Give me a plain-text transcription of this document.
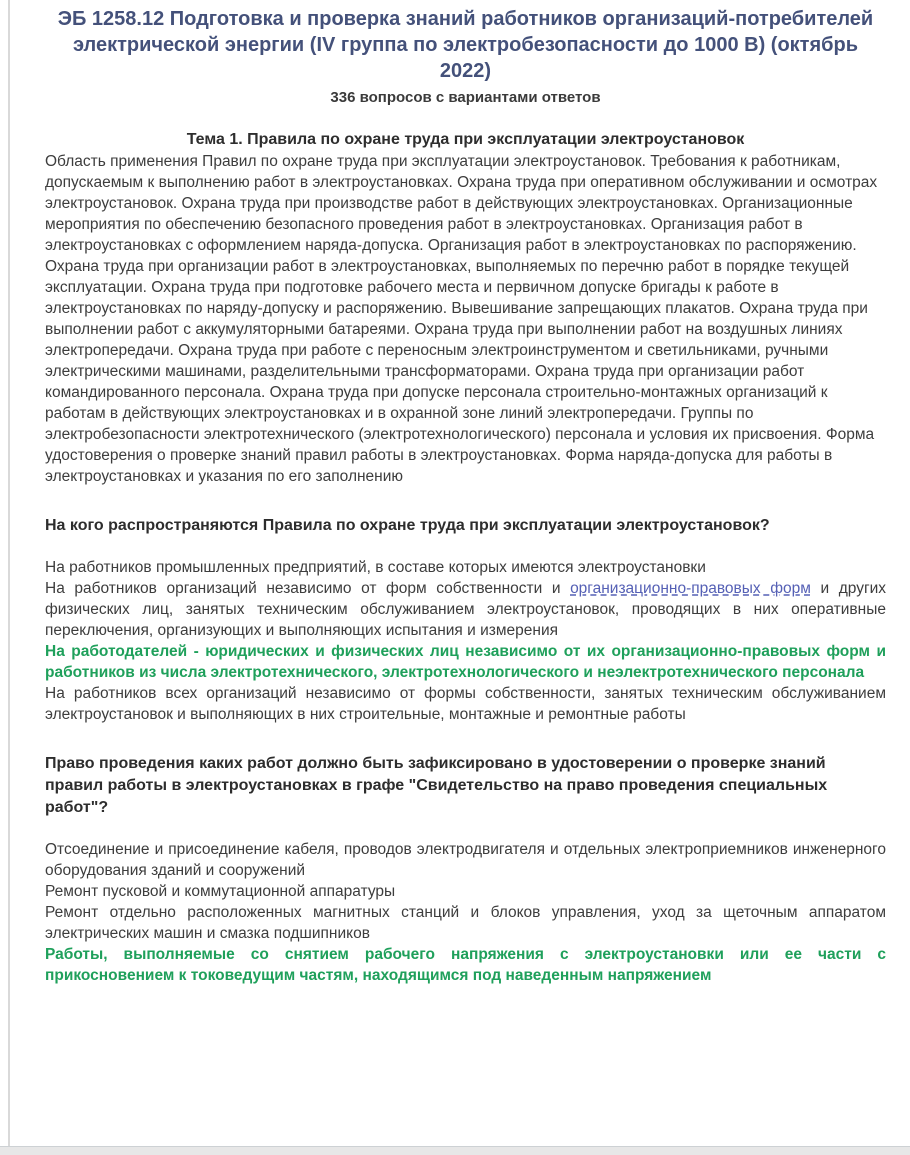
ЭБ 1258.12 Подготовка и проверка знаний работников организаций-потребителей электрической энергии (IV группа по электробезопасности до 1000 В) (октябрь 2022)
336 вопросов с вариантами ответов
Тема 1. Правила по охране труда при эксплуатации электроустановок
Область применения Правил по охране труда при эксплуатации электроустановок. Требования к работникам, допускаемым к выполнению работ в электроустановках. Охрана труда при оперативном обслуживании и осмотрах электроустановок. Охрана труда при производстве работ в действующих электроустановках. Организационные мероприятия по обеспечению безопасного проведения работ в электроустановках. Организация работ в электроустановках с оформлением наряда-допуска. Организация работ в электроустановках по распоряжению. Охрана труда при организации работ в электроустановках, выполняемых по перечню работ в порядке текущей эксплуатации. Охрана труда при подготовке рабочего места и первичном допуске бригады к работе в электроустановках по наряду-допуску и распоряжению. Вывешивание запрещающих плакатов. Охрана труда при выполнении работ с аккумуляторными батареями. Охрана труда при выполнении работ на воздушных линиях электропередачи. Охрана труда при работе с переносным электроинструментом и светильниками, ручными электрическими машинами, разделительными трансформаторами. Охрана труда при организации работ командированного персонала. Охрана труда при допуске персонала строительно-монтажных организаций к работам в действующих электроустановках и в охранной зоне линий электропередачи. Группы по электробезопасности электротехнического (электротехнологического) персонала и условия их присвоения. Форма удостоверения о проверке знаний правил работы в электроустановках. Форма наряда-допуска для работы в электроустановках и указания по его заполнению
На кого распространяются Правила по охране труда при эксплуатации электроустановок?
На работников промышленных предприятий, в составе которых имеются электроустановки
На работников организаций независимо от форм собственности и организационно-правовых форм и других физических лиц, занятых техническим обслуживанием электроустановок, проводящих в них оперативные переключения, организующих и выполняющих испытания и измерения
На работодателей - юридических и физических лиц независимо от их организационно-правовых форм и работников из числа электротехнического, электротехнологического и неэлектротехнического персонала
На работников всех организаций независимо от формы собственности, занятых техническим обслуживанием электроустановок и выполняющих в них строительные, монтажные и ремонтные работы
Право проведения каких работ должно быть зафиксировано в удостоверении о проверке знаний правил работы в электроустановках в графе "Свидетельство на право проведения специальных работ"?
Отсоединение и присоединение кабеля, проводов электродвигателя и отдельных электроприемников инженерного оборудования зданий и сооружений
Ремонт пусковой и коммутационной аппаратуры
Ремонт отдельно расположенных магнитных станций и блоков управления, уход за щеточным аппаратом электрических машин и смазка подшипников
Работы, выполняемые со снятием рабочего напряжения с электроустановки или ее части с прикосновением к токоведущим частям, находящимся под наведенным напряжением
